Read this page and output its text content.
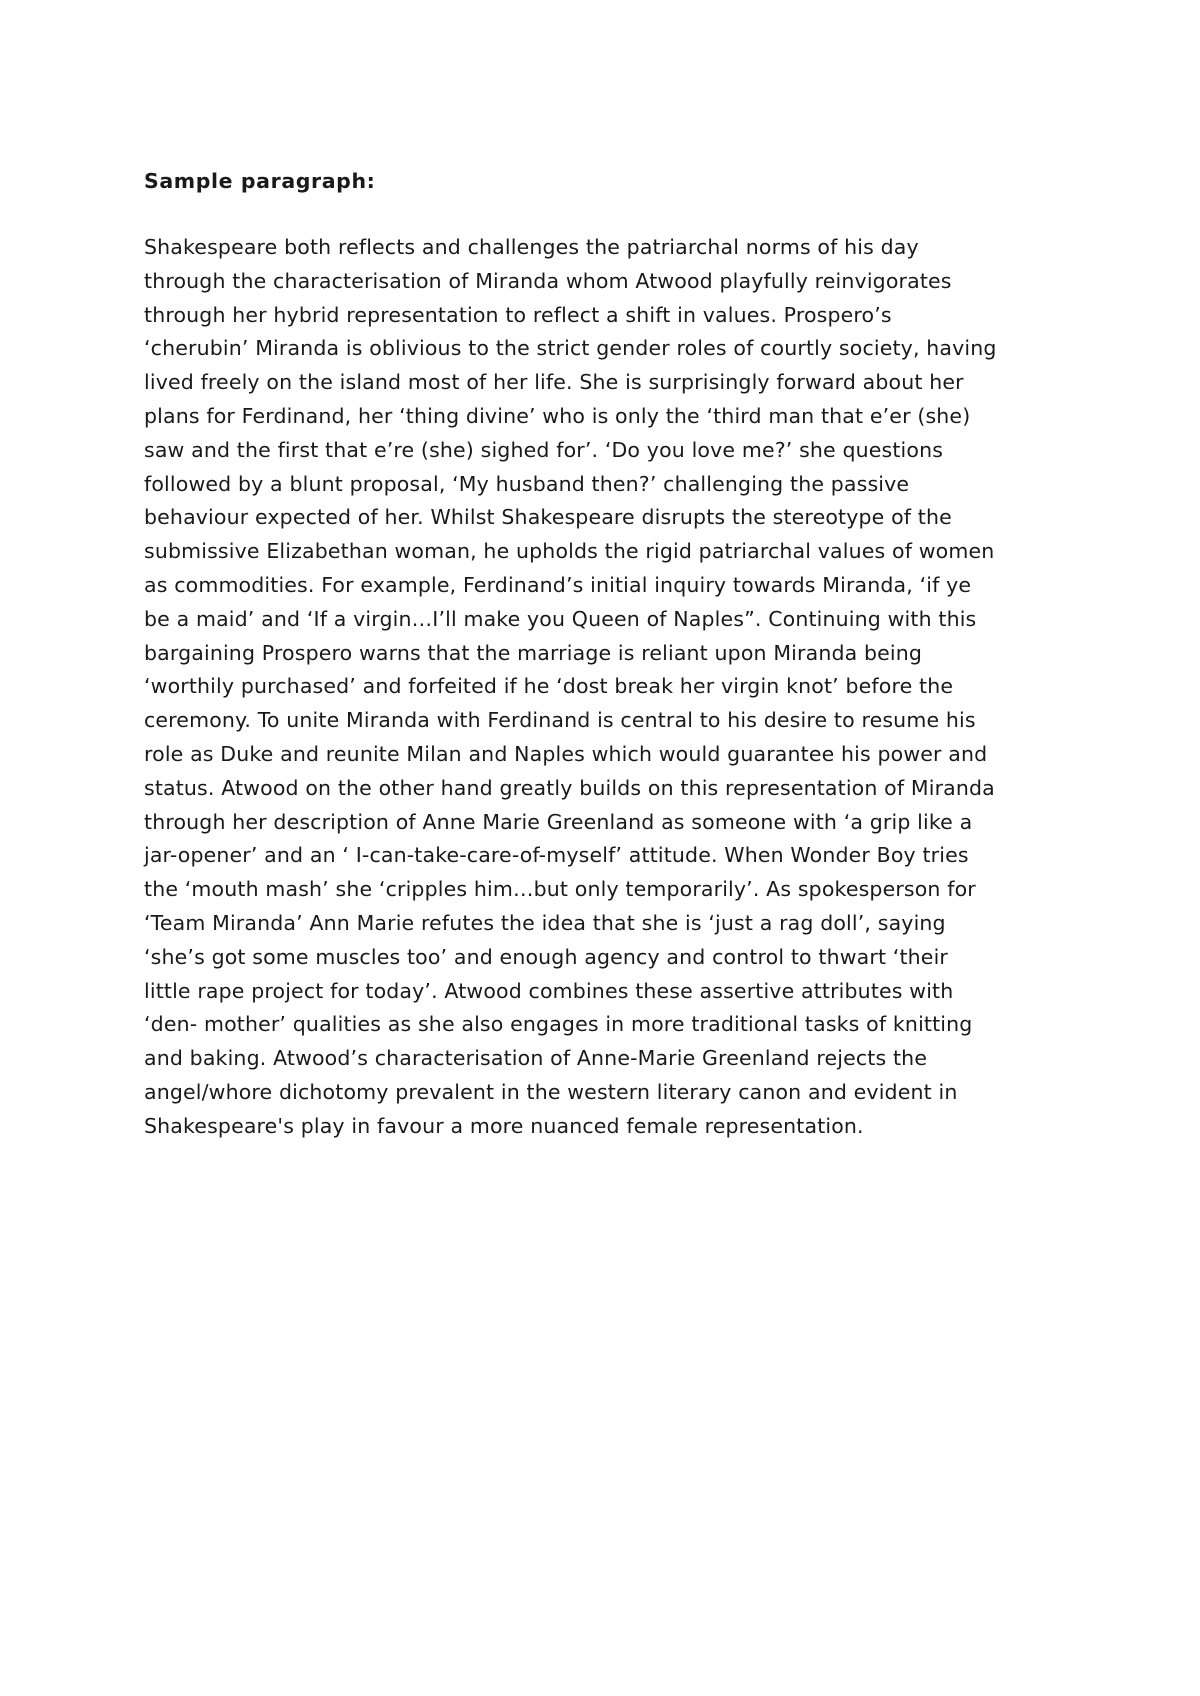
Sample paragraph:
Shakespeare both reflects and challenges the patriarchal norms of his day
through the characterisation of Miranda whom Atwood playfully reinvigorates
through her hybrid representation to reflect a shift in values. Prospero’s
‘cherubin’ Miranda is oblivious to the strict gender roles of courtly society, having
lived freely on the island most of her life. She is surprisingly forward about her
plans for Ferdinand, her ‘thing divine’ who is only the ‘third man that e’er (she)
saw and the first that e’re (she) sighed for’. ‘Do you love me?’ she questions
followed by a blunt proposal, ‘My husband then?’ challenging the passive
behaviour expected of her. Whilst Shakespeare disrupts the stereotype of the
submissive Elizabethan woman, he upholds the rigid patriarchal values of women
as commodities. For example, Ferdinand’s initial inquiry towards Miranda, ‘if ye
be a maid’ and ‘If a virgin…I’ll make you Queen of Naples”. Continuing with this
bargaining Prospero warns that the marriage is reliant upon Miranda being
‘worthily purchased’ and forfeited if he ‘dost break her virgin knot’ before the
ceremony. To unite Miranda with Ferdinand is central to his desire to resume his
role as Duke and reunite Milan and Naples which would guarantee his power and
status. Atwood on the other hand greatly builds on this representation of Miranda
through her description of Anne Marie Greenland as someone with ‘a grip like a
jar-opener’ and an ‘ I-can-take-care-of-myself’ attitude. When Wonder Boy tries
the ‘mouth mash’ she ‘cripples him…but only temporarily’. As spokesperson for
‘Team Miranda’ Ann Marie refutes the idea that she is ‘just a rag doll’, saying
‘she’s got some muscles too’ and enough agency and control to thwart ‘their
little rape project for today’. Atwood combines these assertive attributes with
‘den- mother’ qualities as she also engages in more traditional tasks of knitting
and baking. Atwood’s characterisation of Anne-Marie Greenland rejects the
angel/whore dichotomy prevalent in the western literary canon and evident in
Shakespeare's play in favour a more nuanced female representation.
